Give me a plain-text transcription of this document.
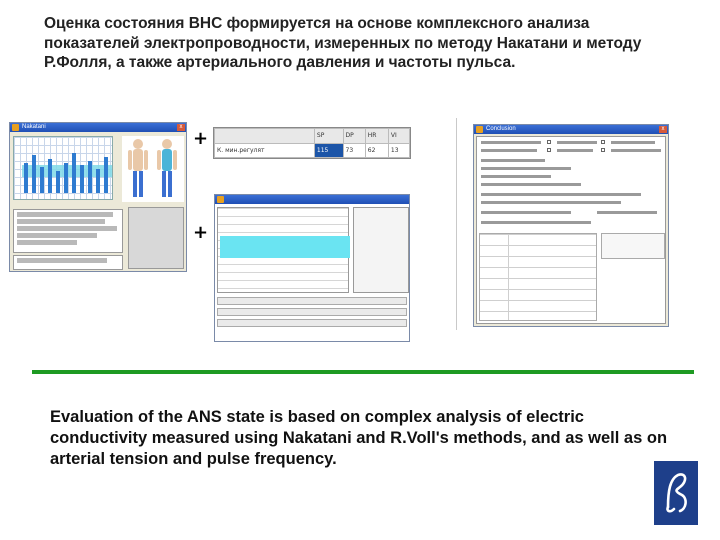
Оценка состояния ВНС формируется на основе комплексного анализа показателей электропроводности, измеренных по методу Накатани и методу Р.Фолля, а также артериального давления и частоты пульса.
Nakatani	x
+
+
	SP	DP	HR	VI
К. мин.регулят	115	73	62	13
Conclusion	x
Evaluation of the ANS state is based on complex analysis of electric conductivity measured using Nakatani and R.Voll's methods, and as well as on arterial tension and pulse frequency.
